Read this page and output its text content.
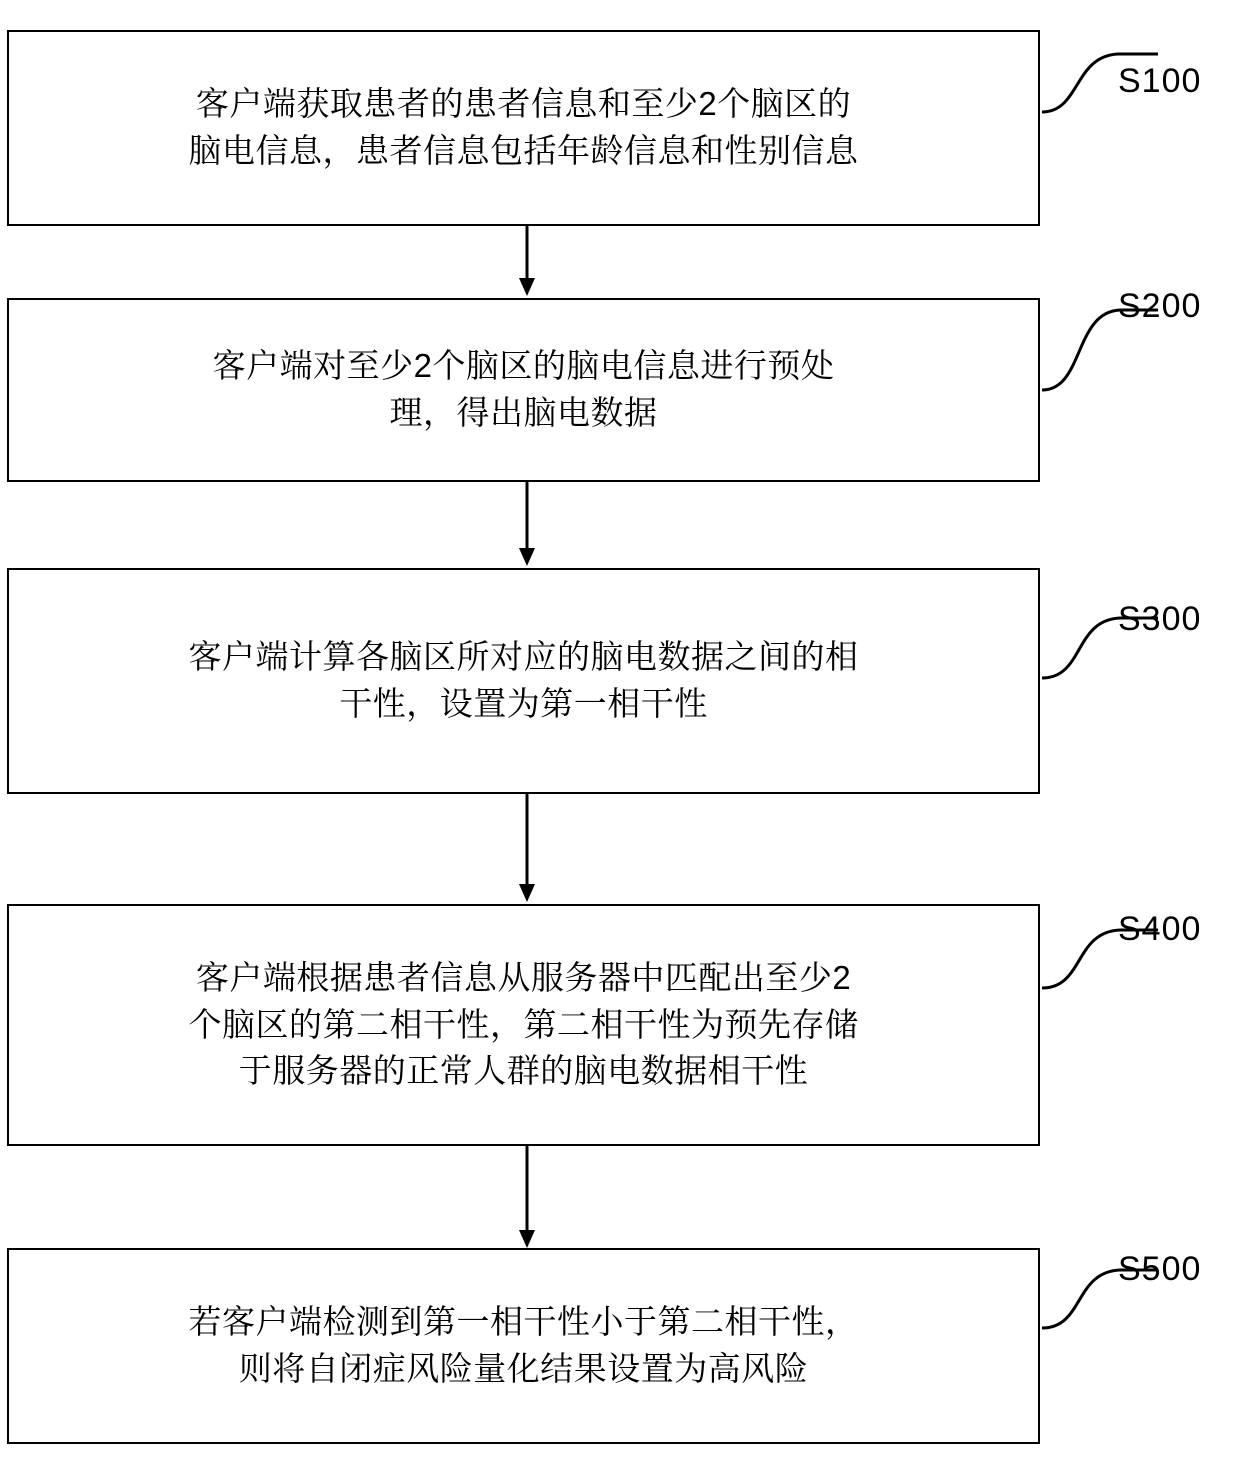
客户端获取患者的患者信息和至少2个脑区的
脑电信息，患者信息包括年龄信息和性别信息
S100
客户端对至少2个脑区的脑电信息进行预处
理，得出脑电数据
S200
客户端计算各脑区所对应的脑电数据之间的相
干性，设置为第一相干性
S300
客户端根据患者信息从服务器中匹配出至少2
个脑区的第二相干性，第二相干性为预先存储
于服务器的正常人群的脑电数据相干性
S400
若客户端检测到第一相干性小于第二相干性，
则将自闭症风险量化结果设置为高风险
S500
